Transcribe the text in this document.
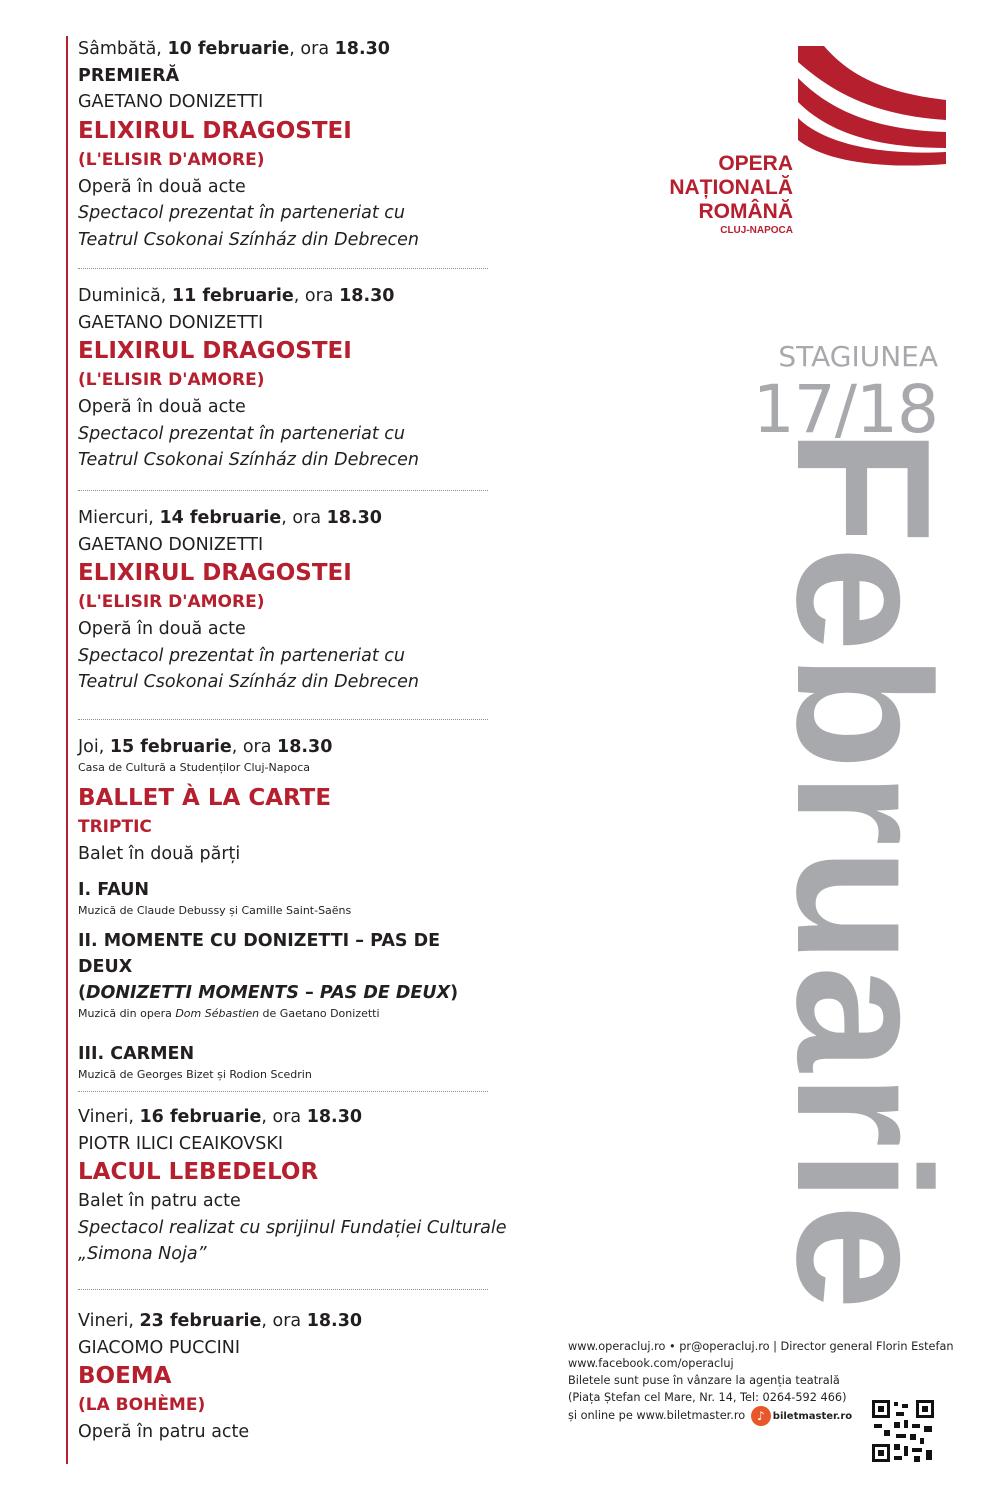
Sâmbătă, 10 februarie, ora 18.30
PREMIERĂ
GAETANO DONIZETTI
ELIXIRUL DRAGOSTEI
(L'ELISIR D'AMORE)
Operă în două acte
Spectacol prezentat în parteneriat cu
Teatrul Csokonai Színház din Debrecen
Duminică, 11 februarie, ora 18.30
GAETANO DONIZETTI
ELIXIRUL DRAGOSTEI
(L'ELISIR D'AMORE)
Operă în două acte
Spectacol prezentat în parteneriat cu
Teatrul Csokonai Színház din Debrecen
Miercuri, 14 februarie, ora 18.30
GAETANO DONIZETTI
ELIXIRUL DRAGOSTEI
(L'ELISIR D'AMORE)
Operă în două acte
Spectacol prezentat în parteneriat cu
Teatrul Csokonai Színház din Debrecen
Joi, 15 februarie, ora 18.30
Casa de Cultură a Studenților Cluj-Napoca
BALLET À LA CARTE
TRIPTIC
Balet în două părți
I. FAUN
Muzică de Claude Debussy și Camille Saint-Saëns
II. MOMENTE CU DONIZETTI – PAS DE DEUX
(DONIZETTI MOMENTS – PAS DE DEUX)
Muzică din opera Dom Sébastien de Gaetano Donizetti
III. CARMEN
Muzică de Georges Bizet și Rodion Scedrin
Vineri, 16 februarie, ora 18.30
PIOTR ILICI CEAIKOVSKI
LACUL LEBEDELOR
Balet în patru acte
Spectacol realizat cu sprijinul Fundației Culturale
„Simona Noja”
Vineri, 23 februarie, ora 18.30
GIACOMO PUCCINI
BOEMA
(LA BOHÈME)
Operă în patru acte
OPERA
NAȚIONALĂ
ROMÂNĂ
CLUJ-NAPOCA
STAGIUNEA
17/18
Februarie
www.operacluj.ro • pr@operacluj.ro | Director general Florin Estefan
www.facebook.com/operacluj
Biletele sunt puse în vânzare la agenția teatrală
(Piața Ștefan cel Mare, Nr. 14, Tel: 0264-592 466)
și online pe www.biletmaster.ro ♪ biletmaster.ro
